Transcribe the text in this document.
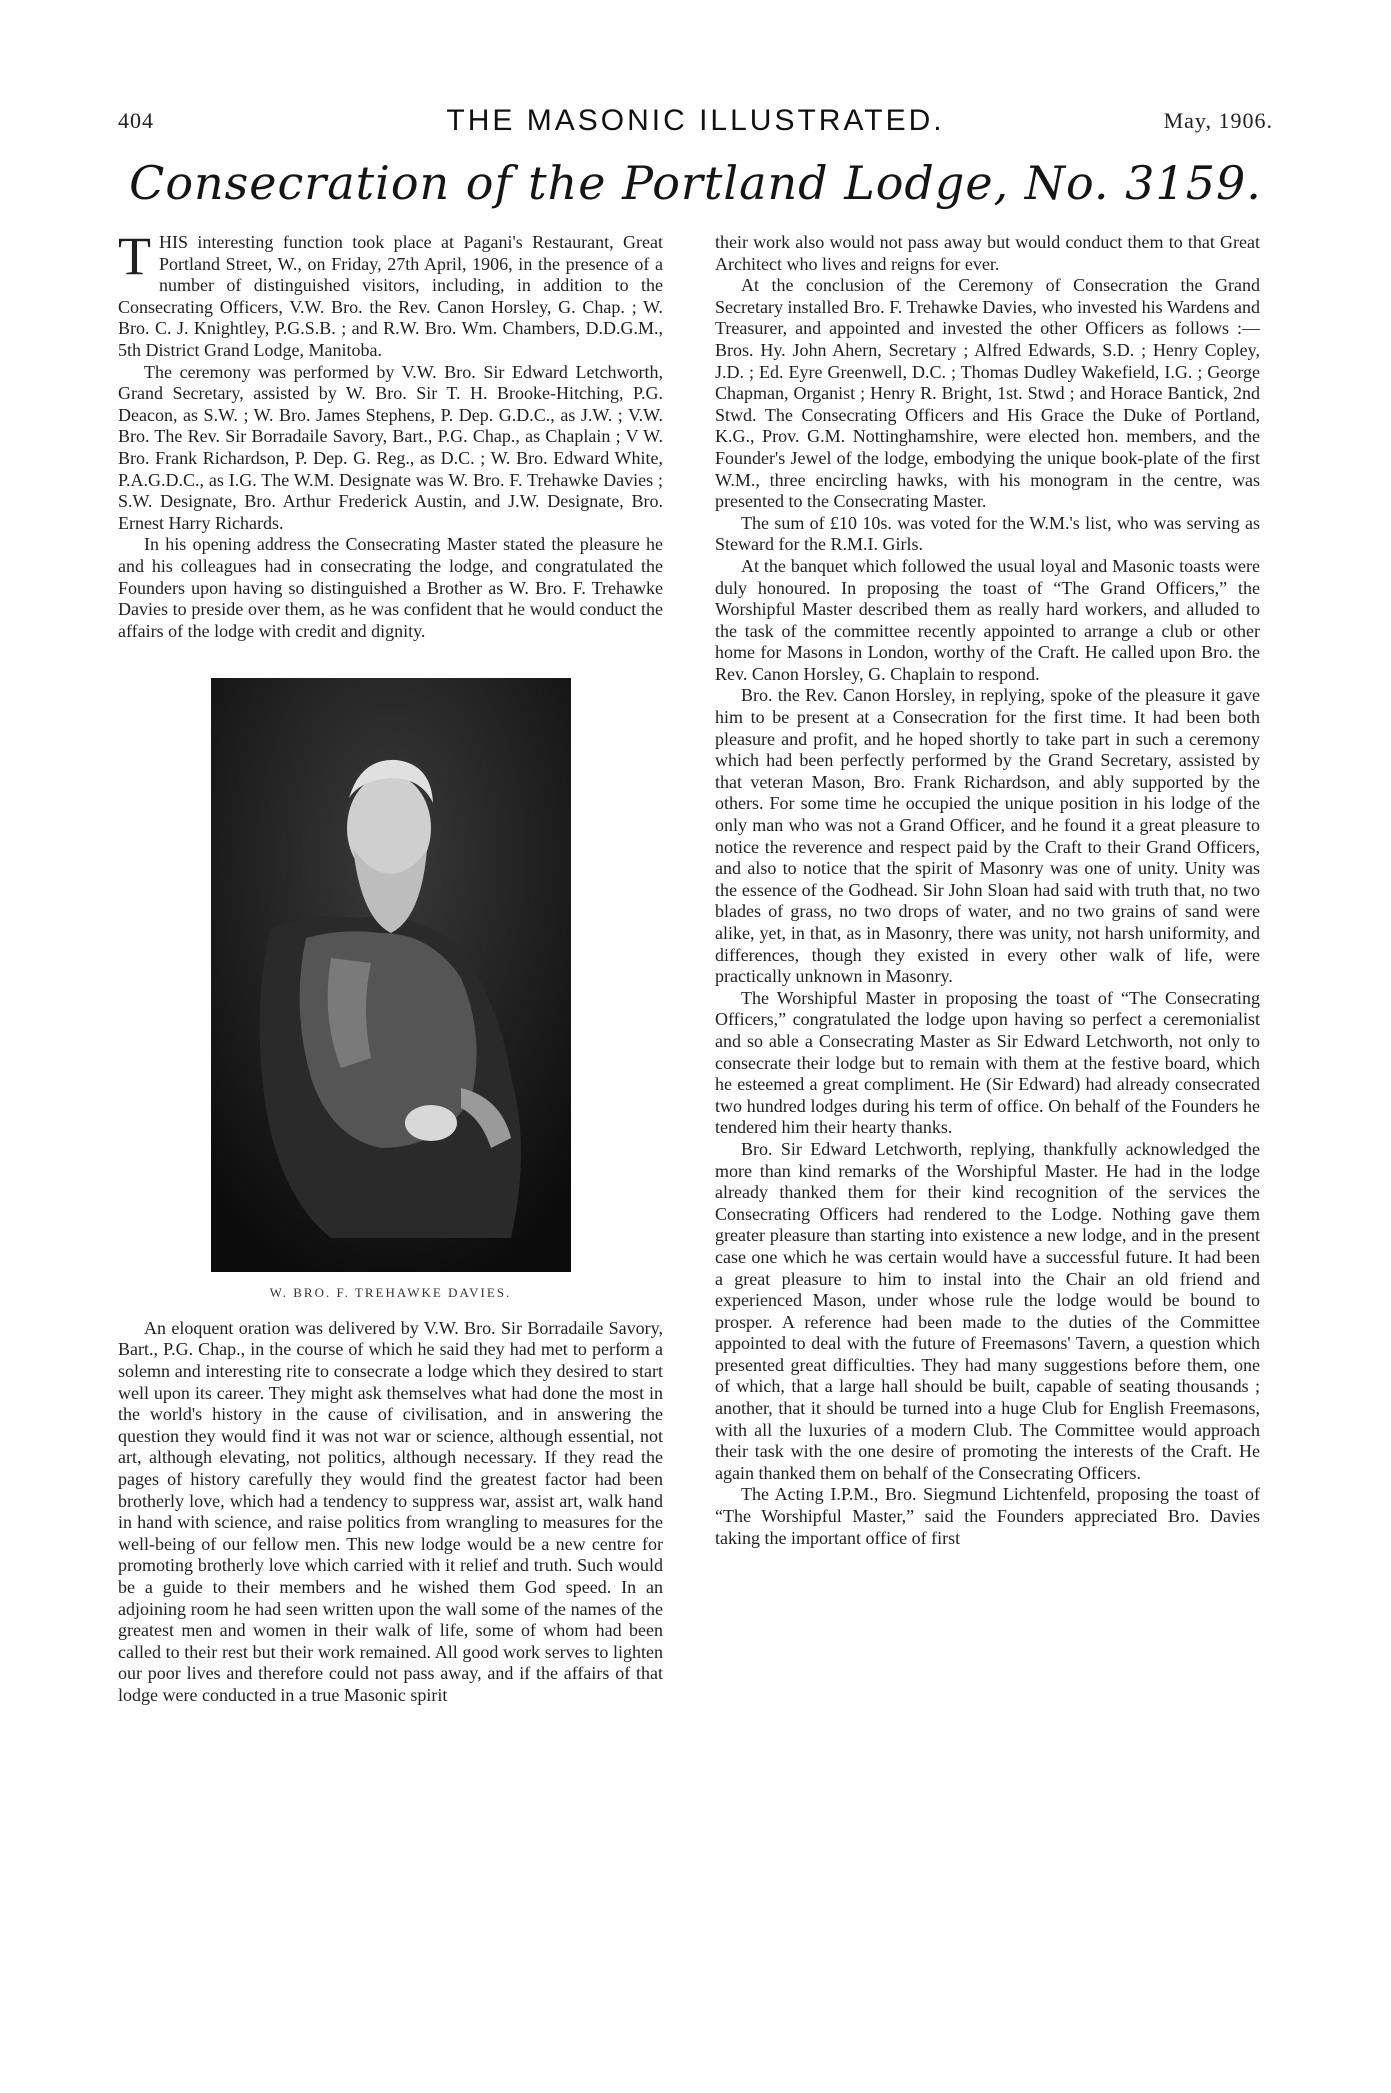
404	THE MASONIC ILLUSTRATED.	May, 1906.
Consecration of the Portland Lodge, No. 3159.

THIS interesting function took place at Pagani's Restaurant, Great Portland Street, W., on Friday, 27th April, 1906, in the presence of a number of distinguished visitors, including, in addition to the Consecrating Officers, V.W. Bro. the Rev. Canon Horsley, G. Chap. ; W. Bro. C. J. Knightley, P.G.S.B. ; and R.W. Bro. Wm. Chambers, D.D.G.M., 5th District Grand Lodge, Manitoba.

The ceremony was performed by V.W. Bro. Sir Edward Letchworth, Grand Secretary, assisted by W. Bro. Sir T. H. Brooke-Hitching, P.G. Deacon, as S.W. ; W. Bro. James Stephens, P. Dep. G.D.C., as J.W. ; V.W. Bro. The Rev. Sir Borradaile Savory, Bart., P.G. Chap., as Chaplain ; V W. Bro. Frank Richardson, P. Dep. G. Reg., as D.C. ; W. Bro. Edward White, P.A.G.D.C., as I.G. The W.M. Designate was W. Bro. F. Trehawke Davies ; S.W. Designate, Bro. Arthur Frederick Austin, and J.W. Designate, Bro. Ernest Harry Richards.

In his opening address the Consecrating Master stated the pleasure he and his colleagues had in consecrating the lodge, and congratulated the Founders upon having so distinguished a Brother as W. Bro. F. Trehawke Davies to preside over them, as he was confident that he would conduct the affairs of the lodge with credit and dignity.

W. BRO. F. TREHAWKE DAVIES.

An eloquent oration was delivered by V.W. Bro. Sir Borradaile Savory, Bart., P.G. Chap., in the course of which he said they had met to perform a solemn and interesting rite to consecrate a lodge which they desired to start well upon its career. They might ask themselves what had done the most in the world's history in the cause of civilisation, and in answering the question they would find it was not war or science, although essential, not art, although elevating, not politics, although necessary. If they read the pages of history carefully they would find the greatest factor had been brotherly love, which had a tendency to suppress war, assist art, walk hand in hand with science, and raise politics from wrangling to measures for the well-being of our fellow men. This new lodge would be a new centre for promoting brotherly love which carried with it relief and truth. Such would be a guide to their members and he wished them God speed. In an adjoining room he had seen written upon the wall some of the names of the greatest men and women in their walk of life, some of whom had been called to their rest but their work remained. All good work serves to lighten our poor lives and therefore could not pass away, and if the affairs of that lodge were conducted in a true Masonic spirit

their work also would not pass away but would conduct them to that Great Architect who lives and reigns for ever.

At the conclusion of the Ceremony of Consecration the Grand Secretary installed Bro. F. Trehawke Davies, who invested his Wardens and Treasurer, and appointed and invested the other Officers as follows :—Bros. Hy. John Ahern, Secretary ; Alfred Edwards, S.D. ; Henry Copley, J.D. ; Ed. Eyre Greenwell, D.C. ; Thomas Dudley Wakefield, I.G. ; George Chapman, Organist ; Henry R. Bright, 1st. Stwd ; and Horace Bantick, 2nd Stwd. The Consecrating Officers and His Grace the Duke of Portland, K.G., Prov. G.M. Nottinghamshire, were elected hon. members, and the Founder's Jewel of the lodge, embodying the unique book-plate of the first W.M., three encircling hawks, with his monogram in the centre, was presented to the Consecrating Master.

The sum of £10 10s. was voted for the W.M.'s list, who was serving as Steward for the R.M.I. Girls.

At the banquet which followed the usual loyal and Masonic toasts were duly honoured. In proposing the toast of “The Grand Officers,” the Worshipful Master described them as really hard workers, and alluded to the task of the committee recently appointed to arrange a club or other home for Masons in London, worthy of the Craft. He called upon Bro. the Rev. Canon Horsley, G. Chaplain to respond.

Bro. the Rev. Canon Horsley, in replying, spoke of the pleasure it gave him to be present at a Consecration for the first time. It had been both pleasure and profit, and he hoped shortly to take part in such a ceremony which had been perfectly performed by the Grand Secretary, assisted by that veteran Mason, Bro. Frank Richardson, and ably supported by the others. For some time he occupied the unique position in his lodge of the only man who was not a Grand Officer, and he found it a great pleasure to notice the reverence and respect paid by the Craft to their Grand Officers, and also to notice that the spirit of Masonry was one of unity. Unity was the essence of the Godhead. Sir John Sloan had said with truth that, no two blades of grass, no two drops of water, and no two grains of sand were alike, yet, in that, as in Masonry, there was unity, not harsh uniformity, and differences, though they existed in every other walk of life, were practically unknown in Masonry.

The Worshipful Master in proposing the toast of “The Consecrating Officers,” congratulated the lodge upon having so perfect a ceremonialist and so able a Consecrating Master as Sir Edward Letchworth, not only to consecrate their lodge but to remain with them at the festive board, which he esteemed a great compliment. He (Sir Edward) had already consecrated two hundred lodges during his term of office. On behalf of the Founders he tendered him their hearty thanks.

Bro. Sir Edward Letchworth, replying, thankfully acknowledged the more than kind remarks of the Worshipful Master. He had in the lodge already thanked them for their kind recognition of the services the Consecrating Officers had rendered to the Lodge. Nothing gave them greater pleasure than starting into existence a new lodge, and in the present case one which he was certain would have a successful future. It had been a great pleasure to him to instal into the Chair an old friend and experienced Mason, under whose rule the lodge would be bound to prosper. A reference had been made to the duties of the Committee appointed to deal with the future of Freemasons' Tavern, a question which presented great difficulties. They had many suggestions before them, one of which, that a large hall should be built, capable of seating thousands ; another, that it should be turned into a huge Club for English Freemasons, with all the luxuries of a modern Club. The Committee would approach their task with the one desire of promoting the interests of the Craft. He again thanked them on behalf of the Consecrating Officers.

The Acting I.P.M., Bro. Siegmund Lichtenfeld, proposing the toast of “The Worshipful Master,” said the Founders appreciated Bro. Davies taking the important office of first
